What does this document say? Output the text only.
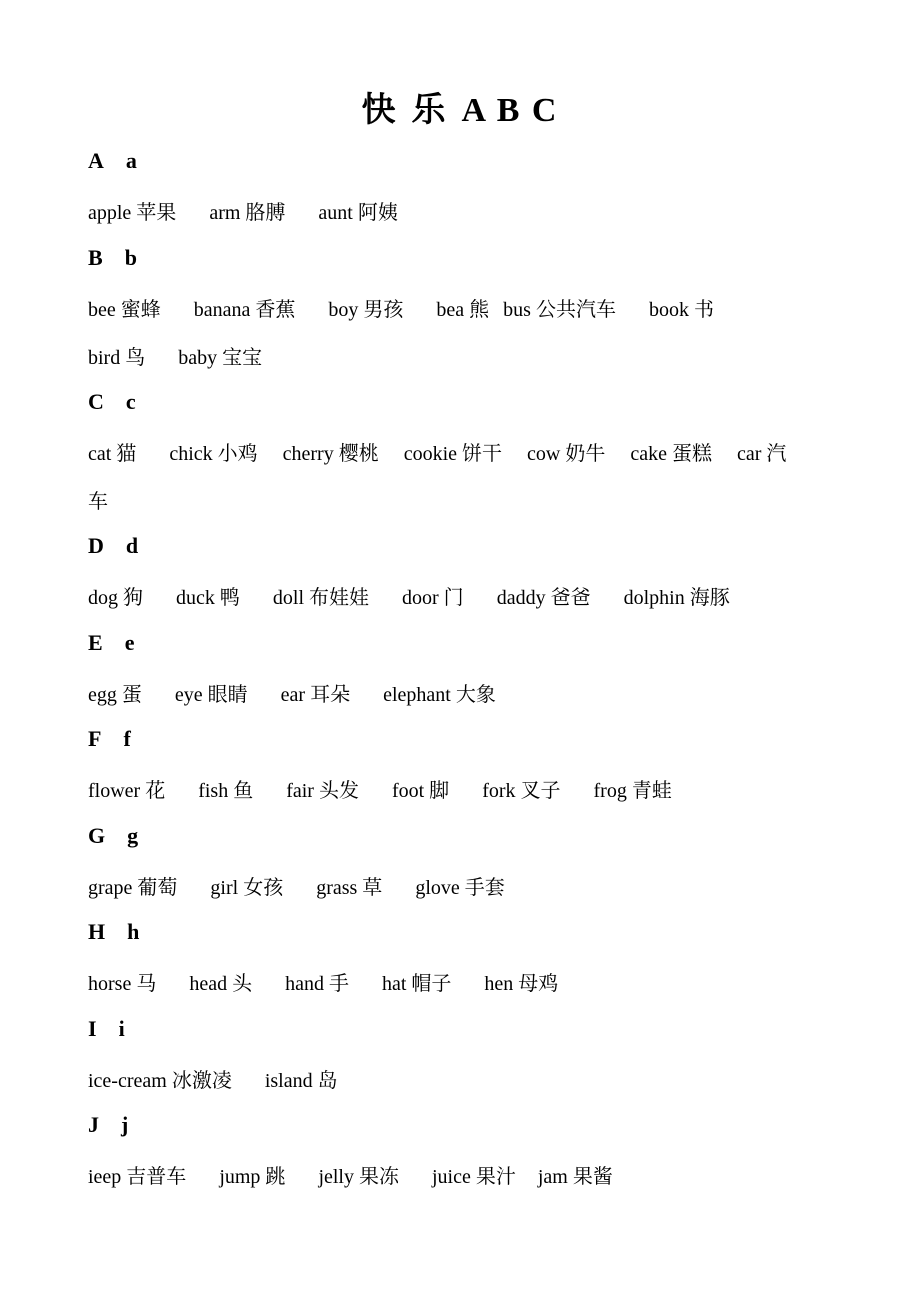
快 乐 A B C
A a
apple 苹果 arm 胳膊 aunt 阿姨
B b
bee 蜜蜂 banana 香蕉 boy 男孩 bea 熊 bus 公共汽车 book 书
bird 鸟 baby 宝宝
C c
cat 猫 chick 小鸡 cherry 樱桃 cookie 饼干 cow 奶牛 cake 蛋糕 car 汽
车
D d
dog 狗 duck 鸭 doll 布娃娃 door 门 daddy 爸爸 dolphin 海豚
E e
egg 蛋 eye 眼睛 ear 耳朵 elephant 大象
F f
flower 花 fish 鱼 fair 头发 foot 脚 fork 叉子 frog 青蛙
G g
grape 葡萄 girl 女孩 grass 草 glove 手套
H h
horse 马 head 头 hand 手 hat 帽子 hen 母鸡
I i
ice-cream 冰激凌 island 岛
J j
ieep 吉普车 jump 跳 jelly 果冻 juice 果汁 jam 果酱
